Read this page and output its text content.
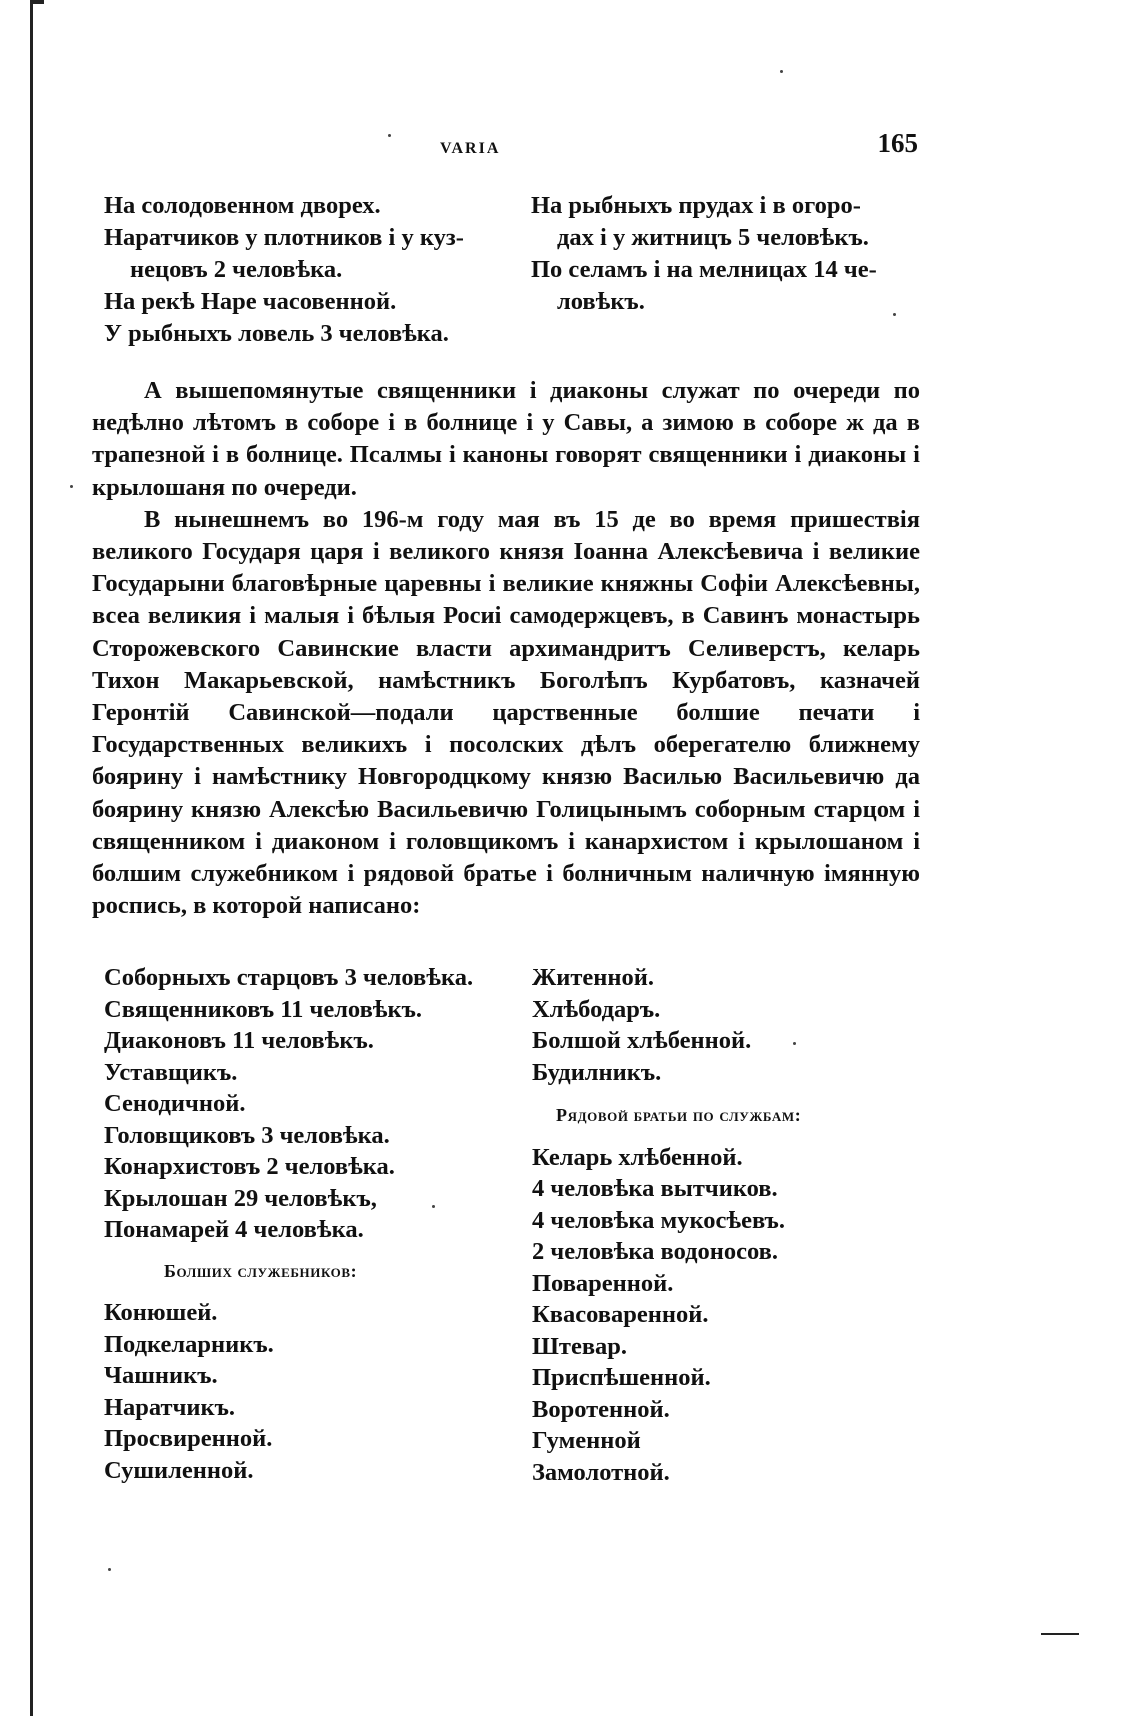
VARIA	165
На солодовенном дворех.
Наратчиков у плотников і у куз-
нецовъ 2 человѣка.
На рекѣ Наре часовенной.
У рыбныхъ ловель 3 человѣка.
На рыбныхъ прудах і в огоро-
дах і у житницъ 5 человѣкъ.
По селамъ і на мелницах 14 че-
ловѣкъ.

А вышепомянутые священники і диаконы служат по очереди по недѣлно лѣтомъ в соборе і в болнице і у Савы, а зимою в соборе ж да в трапезной і в болнице. Псалмы і каноны говорят священники і диаконы і крылошаня по очереди.

В нынешнемъ во 196-м году мая въ 15 де во время пришествія великого Государя царя і великого князя Іоанна Алексѣевича і великие Государыни благовѣрные царевны і великие княжны Софіи Алексѣевны, всеа великия і малыя і бѣлыя Росиі самодержцевъ, в Савинъ монастырь Сторожевского Савинские власти архимандритъ Селиверстъ, келарь Тихон Макарьевской, намѣстникъ Боголѣпъ Курбатовъ, казначей Геронтій Савинской—подали царственные болшие печати і Государственных великихъ і посолских дѣлъ оберегателю ближнему боярину і намѣстнику Новгородцкому князю Василью Васильевичю да боярину князю Алексѣю Васильевичю Голицынымъ соборным старцом і священником і диаконом і головщикомъ і канархистом і крылошаном і болшим служебником і рядовой братье і болничным наличную імянную роспись, в которой написано:

Соборныхъ старцовъ 3 человѣка.
Священниковъ 11 человѣкъ.
Диаконовъ 11 человѣкъ.
Уставщикъ.
Сенодичной.
Головщиковъ 3 человѣка.
Конархистовъ 2 человѣка.
Крылошан 29 человѣкъ,
Понамарей 4 человѣка.
Болших служебников:
Конюшей.
Подкеларникъ.
Чашникъ.
Наратчикъ.
Просвиренной.
Сушиленной.
Житенной.
Хлѣбодаръ.
Болшой хлѣбенной.
Будилникъ.
Рядовой братьи по службам:
Келарь хлѣбенной.
4 человѣка вытчиков.
4 человѣка мукосѣевъ.
2 человѣка водоносов.
Поваренной.
Квасоваренной.
Штевар.
Приспѣшенной.
Воротенной.
Гуменной
Замолотной.
